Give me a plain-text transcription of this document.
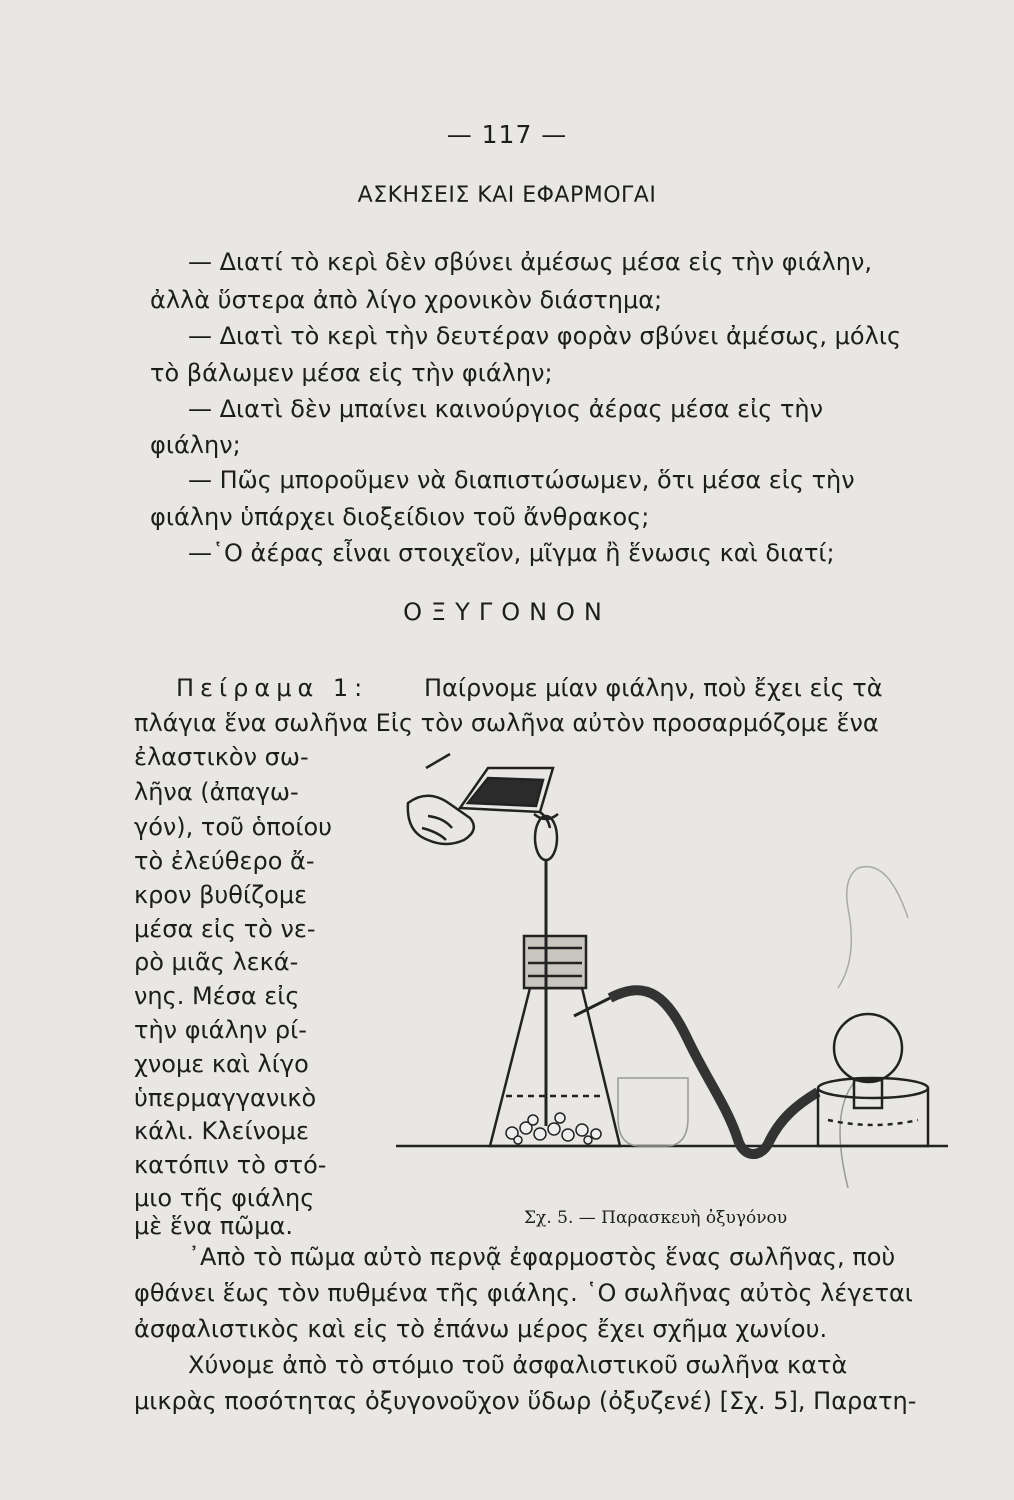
— 117 —
ΑΣΚΗΣΕΙΣ ΚΑΙ ΕΦΑΡΜΟΓΑΙ
— Διατί τὸ κερὶ δὲν σβύνει ἀμέσως μέσα εἰς τὴν φιάλην,
ἀλλὰ ὕστερα ἀπὸ λίγο χρονικὸν διάστημα;
— Διατὶ τὸ κερὶ τὴν δευτέραν φορὰν σβύνει ἀμέσως, μόλις
τὸ βάλωμεν μέσα εἰς τὴν φιάλην;
— Διατὶ δὲν μπαίνει καινούργιος ἀέρας μέσα εἰς τὴν
φιάλην;
— Πῶς μποροῦμεν νὰ διαπιστώσωμεν, ὅτι μέσα εἰς τὴν
φιάλην ὑπάρχει διοξείδιον τοῦ ἄνθρακος;
—῾Ο ἀέρας εἶναι στοιχεῖον, μῖγμα ἢ ἕνωσις καὶ διατί;
ΟΞΥΓΟΝΟΝ
Πείραμα 1: Παίρνομε μίαν φιάλην, ποὺ ἔχει εἰς τὰ
πλάγια ἕνα σωλῆνα Εἰς τὸν σωλῆνα αὐτὸν προσαρμόζομε ἕνα
ἐλαστικὸν σω-
λῆνα (ἀπαγω-
γόν), τοῦ ὁποίου
τὸ ἐλεύθερο ἄ-
κρον βυθίζομε
μέσα εἰς τὸ νε-
ρὸ μιᾶς λεκά-
νης. Μέσα εἰς
τὴν φιάλην ρί-
χνομε καὶ λίγο
ὑπερμαγγανικὸ
κάλι. Κλείνομε
κατόπιν τὸ στό-
μιο τῆς φιάλης
μὲ ἕνα πῶμα.	Σχ. 5. — Παρασκευὴ ὀξυγόνου
᾿Απὸ τὸ πῶμα αὐτὸ περνᾷ ἐφαρμοστὸς ἕνας σωλῆνας, ποὺ
φθάνει ἕως τὸν πυθμένα τῆς φιάλης. ῾Ο σωλῆνας αὐτὸς λέγεται
ἀσφαλιστικὸς καὶ εἰς τὸ ἐπάνω μέρος ἔχει σχῆμα χωνίου.
Χύνομε ἀπὸ τὸ στόμιο τοῦ ἀσφαλιστικοῦ σωλῆνα κατὰ
μικρὰς ποσότητας ὀξυγονοῦχον ὕδωρ (ὀξυζενέ) [Σχ. 5], Παρατη-
